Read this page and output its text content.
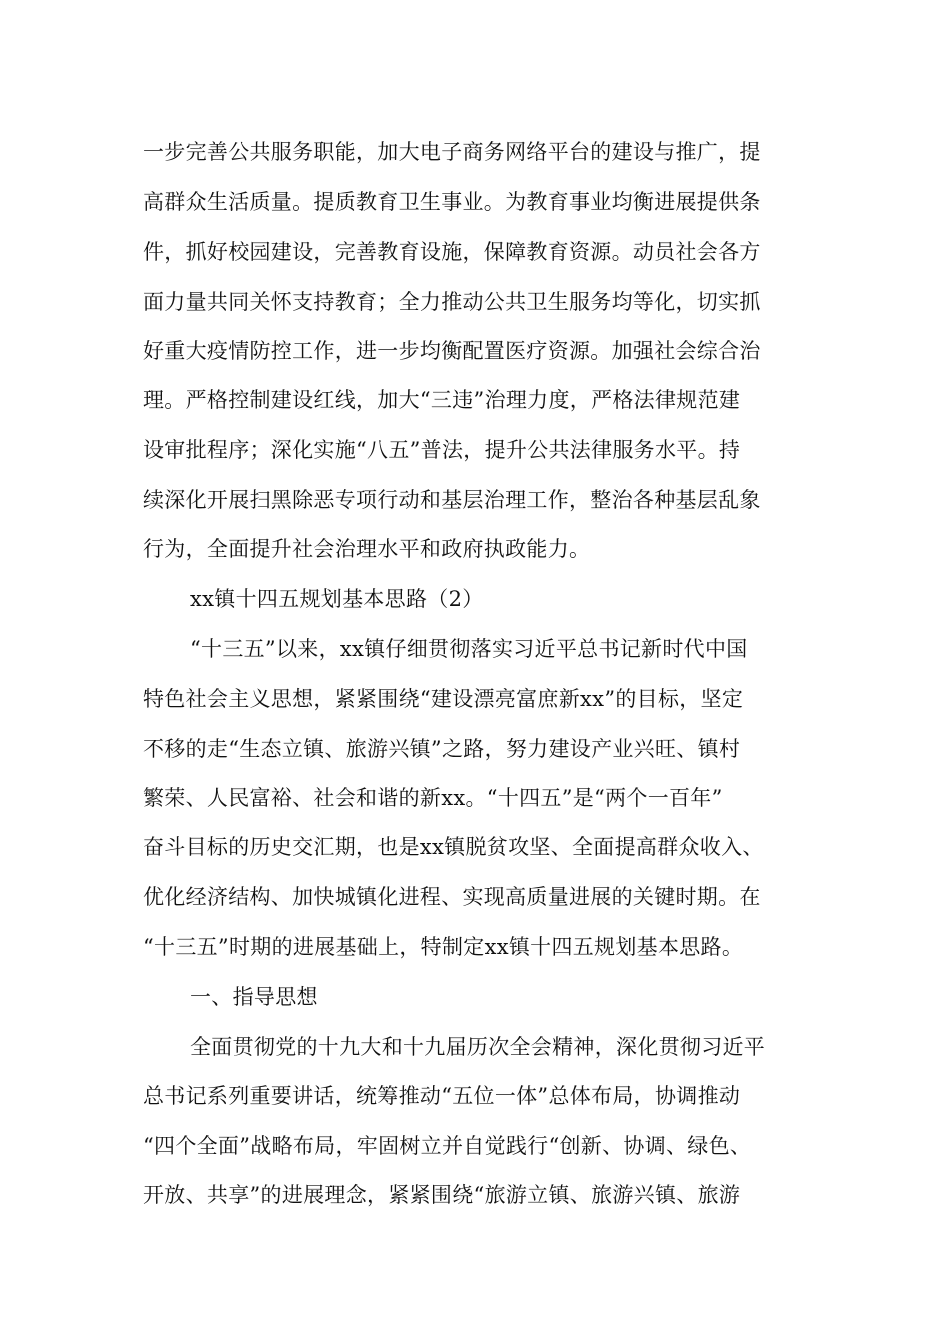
一步完善公共服务职能，加大电子商务网络平台的建设与推广，提
高群众生活质量。提质教育卫生事业。为教育事业均衡进展提供条
件，抓好校园建设，完善教育设施，保障教育资源。动员社会各方
面力量共同关怀支持教育；全力推动公共卫生服务均等化，切实抓
好重大疫情防控工作，进一步均衡配置医疗资源。加强社会综合治
理。严格控制建设红线，加大“三违”治理力度，严格法律规范建
设审批程序；深化实施“八五”普法，提升公共法律服务水平。持
续深化开展扫黑除恶专项行动和基层治理工作，整治各种基层乱象
行为，全面提升社会治理水平和政府执政能力。
xx镇十四五规划基本思路（2）
“十三五”以来，xx镇仔细贯彻落实习近平总书记新时代中国
特色社会主义思想，紧紧围绕“建设漂亮富庶新xx”的目标，坚定
不移的走“生态立镇、旅游兴镇”之路，努力建设产业兴旺、镇村
繁荣、人民富裕、社会和谐的新xx。“十四五”是“两个一百年”
奋斗目标的历史交汇期，也是xx镇脱贫攻坚、全面提高群众收入、
优化经济结构、加快城镇化进程、实现高质量进展的关键时期。在
“十三五”时期的进展基础上，特制定xx镇十四五规划基本思路。
一、指导思想
全面贯彻党的十九大和十九届历次全会精神，深化贯彻习近平
总书记系列重要讲话，统筹推动“五位一体”总体布局，协调推动
“四个全面”战略布局，牢固树立并自觉践行“创新、协调、绿色、
开放、共享”的进展理念，紧紧围绕“旅游立镇、旅游兴镇、旅游
